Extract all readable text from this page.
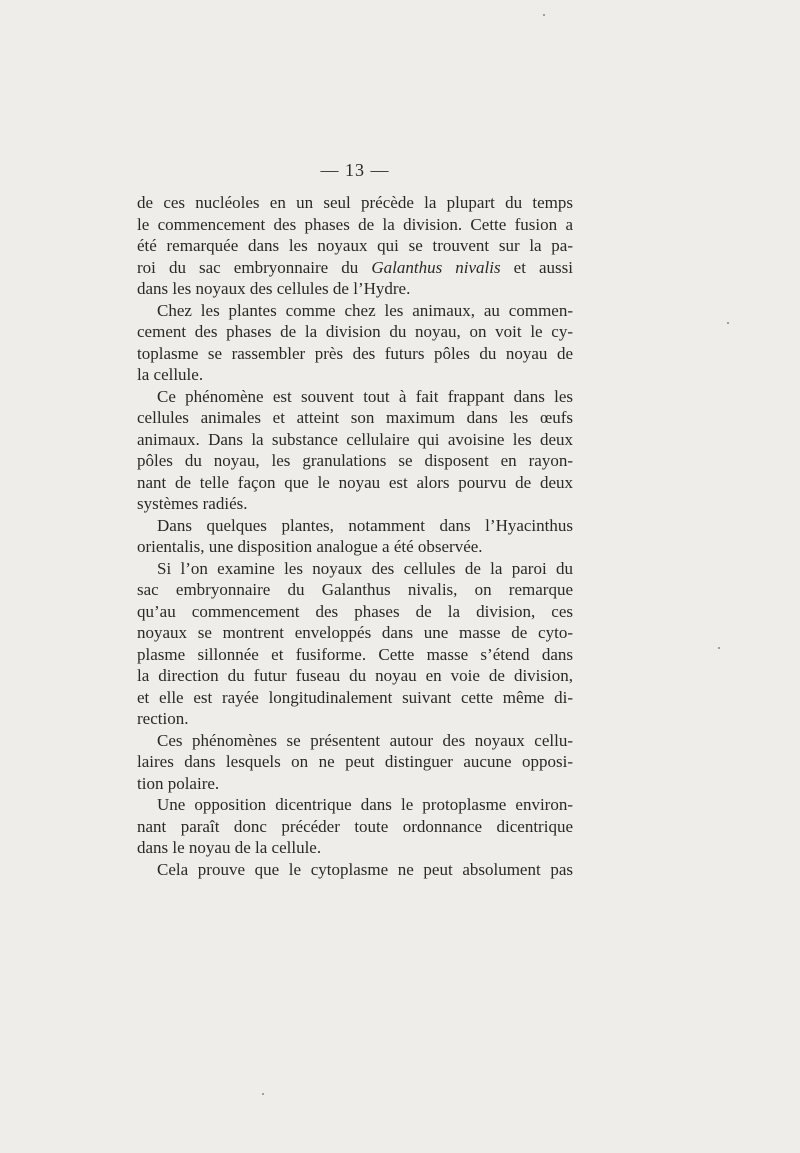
— 13 —
de ces nucléoles en un seul précède la plupart du temps
le commencement des phases de la division. Cette fusion a
été remarquée dans les noyaux qui se trouvent sur la pa-
roi du sac embryonnaire du Galanthus nivalis et aussi
dans les noyaux des cellules de l’Hydre.
Chez les plantes comme chez les animaux, au commen-
cement des phases de la division du noyau, on voit le cy-
toplasme se rassembler près des futurs pôles du noyau de
la cellule.
Ce phénomène est souvent tout à fait frappant dans les
cellules animales et atteint son maximum dans les œufs
animaux. Dans la substance cellulaire qui avoisine les deux
pôles du noyau, les granulations se disposent en rayon-
nant de telle façon que le noyau est alors pourvu de deux
systèmes radiés.
Dans quelques plantes, notamment dans l’Hyacinthus
orientalis, une disposition analogue a été observée.
Si l’on examine les noyaux des cellules de la paroi du
sac embryonnaire du Galanthus nivalis, on remarque
qu’au commencement des phases de la division, ces
noyaux se montrent enveloppés dans une masse de cyto-
plasme sillonnée et fusiforme. Cette masse s’étend dans
la direction du futur fuseau du noyau en voie de division,
et elle est rayée longitudinalement suivant cette même di-
rection.
Ces phénomènes se présentent autour des noyaux cellu-
laires dans lesquels on ne peut distinguer aucune opposi-
tion polaire.
Une opposition dicentrique dans le protoplasme environ-
nant paraît donc précéder toute ordonnance dicentrique
dans le noyau de la cellule.
Cela prouve que le cytoplasme ne peut absolument pas
